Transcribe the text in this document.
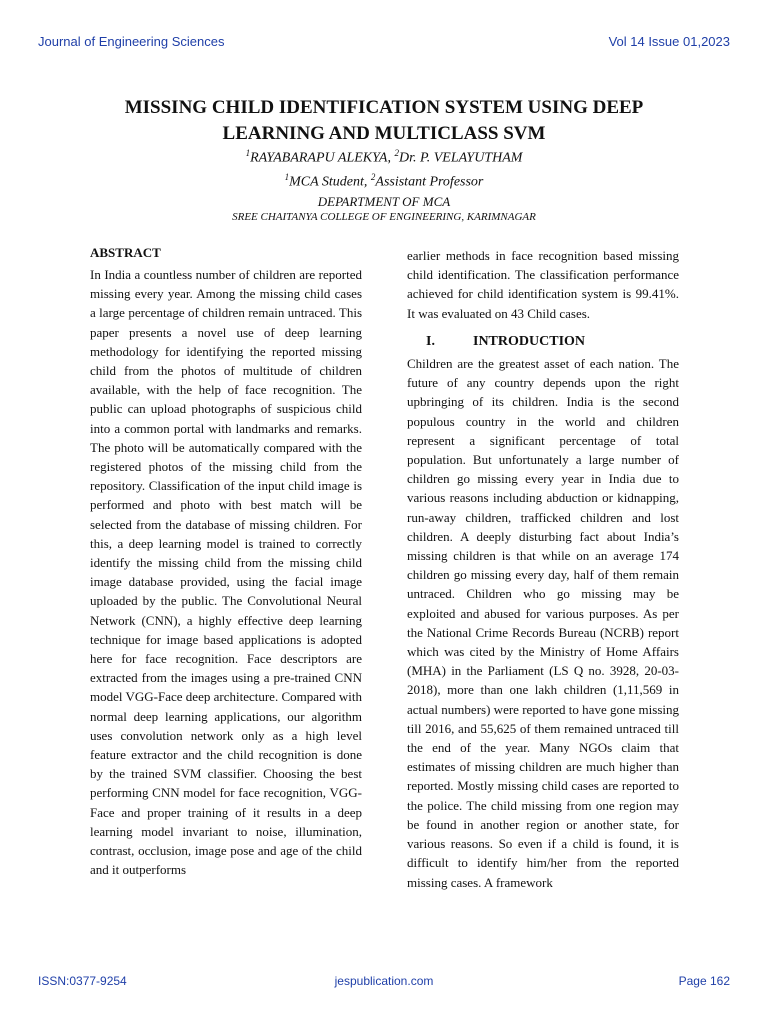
Journal of Engineering Sciences	Vol 14 Issue 01,2023
MISSING CHILD IDENTIFICATION SYSTEM USING DEEP
LEARNING AND MULTICLASS SVM
$^1$RAYABARAPU ALEKYA, $^2$Dr. P. VELAYUTHAM
$^1$MCA Student, $^2$Assistant Professor
DEPARTMENT OF MCA
SREE CHAITANYA COLLEGE OF ENGINEERING, KARIMNAGAR
ABSTRACT

In India a countless number of children are reported missing every year. Among the missing child cases a large percentage of children remain untraced. This paper presents a novel use of deep learning methodology for identifying the reported missing child from the photos of multitude of children available, with the help of face recognition. The public can upload photographs of suspicious child into a common portal with landmarks and remarks. The photo will be automatically compared with the registered photos of the missing child from the repository. Classification of the input child image is performed and photo with best match will be selected from the database of missing children. For this, a deep learning model is trained to correctly identify the missing child from the missing child image database provided, using the facial image uploaded by the public. The Convolutional Neural Network (CNN), a highly effective deep learning technique for image based applications is adopted here for face recognition. Face descriptors are extracted from the images using a pre-trained CNN model VGG-Face deep architecture. Compared with normal deep learning applications, our algorithm uses convolution network only as a high level feature extractor and the child recognition is done by the trained SVM classifier. Choosing the best performing CNN model for face recognition, VGG-Face and proper training of it results in a deep learning model invariant to noise, illumination, contrast, occlusion, image pose and age of the child and it outperforms

earlier methods in face recognition based missing child identification. The classification performance achieved for child identification system is 99.41%. It was evaluated on 43 Child cases.

I.	INTRODUCTION

Children are the greatest asset of each nation. The future of any country depends upon the right upbringing of its children. India is the second populous country in the world and children represent a significant percentage of total population. But unfortunately a large number of children go missing every year in India due to various reasons including abduction or kidnapping, run-away children, trafficked children and lost children. A deeply disturbing fact about India’s missing children is that while on an average 174 children go missing every day, half of them remain untraced. Children who go missing may be exploited and abused for various purposes. As per the National Crime Records Bureau (NCRB) report which was cited by the Ministry of Home Affairs (MHA) in the Parliament (LS Q no. 3928, 20-03- 2018), more than one lakh children (1,11,569 in actual numbers) were reported to have gone missing till 2016, and 55,625 of them remained untraced till the end of the year. Many NGOs claim that estimates of missing children are much higher than reported. Mostly missing child cases are reported to the police. The child missing from one region may be found in another region or another state, for various reasons. So even if a child is found, it is difficult to identify him/her from the reported missing cases. A framework

ISSN:0377-9254	jespublication.com	Page 162
